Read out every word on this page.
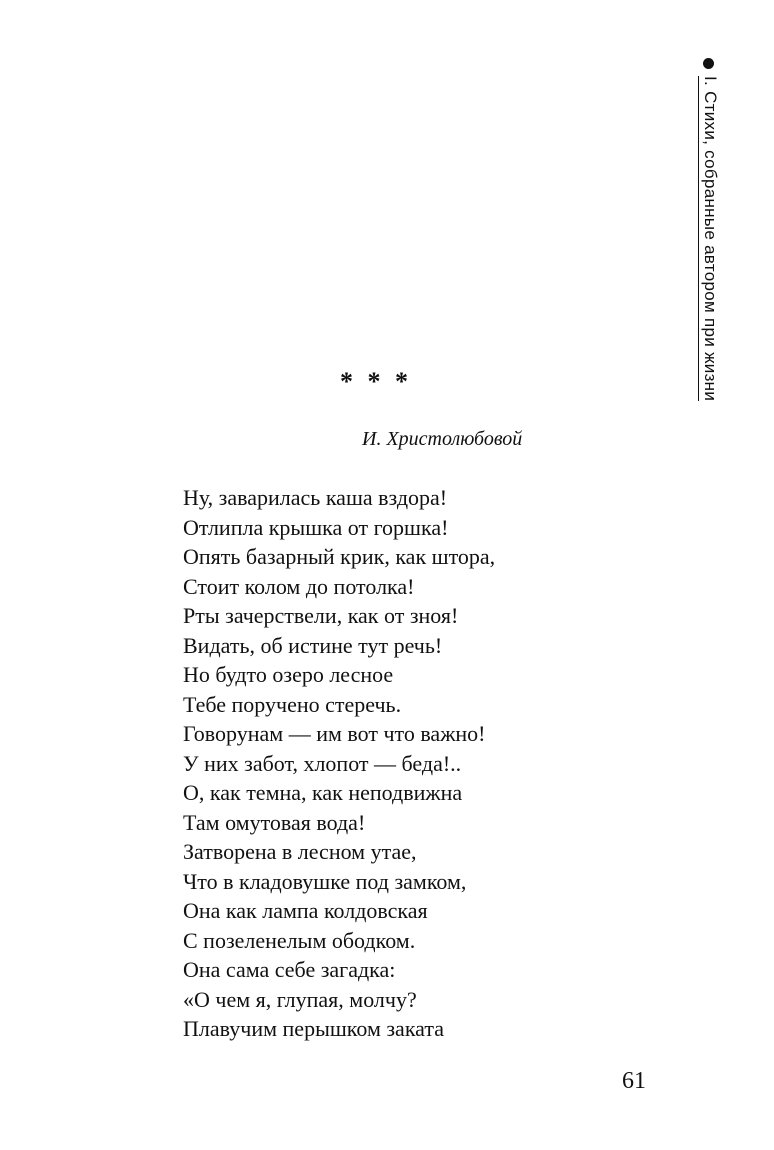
I. Стихи, собранные автором при жизни
* * *
И. Христолюбовой
Ну, заварилась каша вздора!
Отлипла крышка от горшка!
Опять базарный крик, как штора,
Стоит колом до потолка!
Рты зачерствели, как от зноя!
Видать, об истине тут речь!
Но будто озеро лесное
Тебе поручено стеречь.
Говорунам — им вот что важно!
У них забот, хлопот — беда!..
О, как темна, как неподвижна
Там омутовая вода!
Затворена в лесном утае,
Что в кладовушке под замком,
Она как лампа колдовская
С позеленелым ободком.
Она сама себе загадка:
«О чем я, глупая, молчу?
Плавучим перышком заката
61
